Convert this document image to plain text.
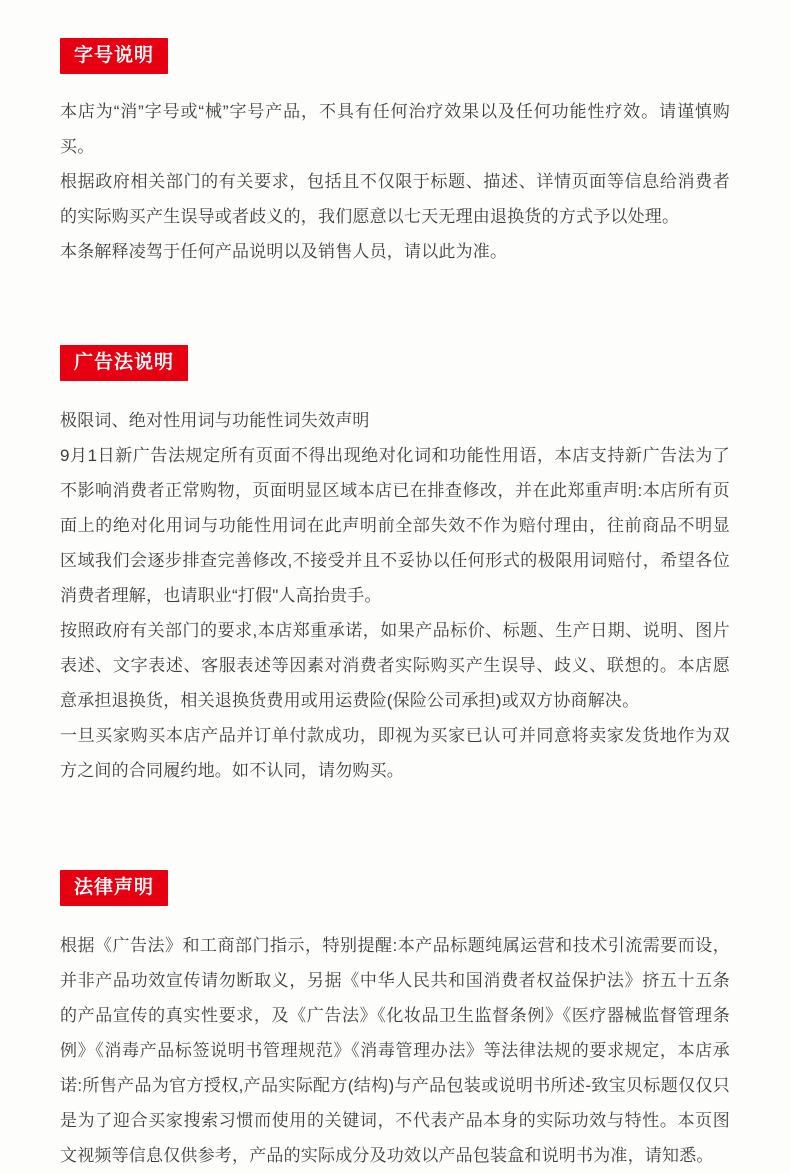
字号说明

本店为“消”字号或“械”字号产品，不具有任何治疗效果以及任何功能性疗效。请谨慎购买。

根据政府相关部门的有关要求，包括且不仅限于标题、描述、详情页面等信息给消费者的实际购买产生误导或者歧义的，我们愿意以七天无理由退换货的方式予以处理。

本条解释凌驾于任何产品说明以及销售人员，请以此为准。

广告法说明

极限词、绝对性用词与功能性词失效声明

9月1日新广告法规定所有页面不得出现绝对化词和功能性用语，本店支持新广告法为了不影响消费者正常购物，页面明显区域本店已在排查修改，并在此郑重声明:本店所有页面上的绝对化用词与功能性用词在此声明前全部失效不作为赔付理由，往前商品不明显区域我们会逐步排查完善修改,不接受并且不妥协以任何形式的极限用词赔付，希望各位消费者理解，也请职业“打假"人高抬贵手。

按照政府有关部门的要求,本店郑重承诺，如果产品标价、标题、生产日期、说明、图片表述、文字表述、客服表述等因素对消费者实际购买产生误导、歧义、联想的。本店愿意承担退换货，相关退换货费用或用运费险(保险公司承担)或双方协商解决。

一旦买家购买本店产品并订单付款成功，即视为买家已认可并同意将卖家发货地作为双方之间的合同履约地。如不认同，请勿购买。

法律声明

根据《广告法》和工商部门指示，特别提醒:本产品标题纯属运营和技术引流需要而设，并非产品功效宣传请勿断取义，另据《中华人民共和国消费者权益保护法》挤五十五条的产品宣传的真实性要求，及《广告法》《化妆品卫生监督条例》《医疗器械监督管理条例》《消毒产品标签说明书管理规范》《消毒管理办法》等法律法规的要求规定，本店承诺:所售产品为官方授权,产品实际配方(结构)与产品包装或说明书所述-致宝贝标题仅仅只是为了迎合买家搜索习惯而使用的关键词，不代表产品本身的实际功效与特性。本页图文视频等信息仅供参考，产品的实际成分及功效以产品包装盒和说明书为准，请知悉。
